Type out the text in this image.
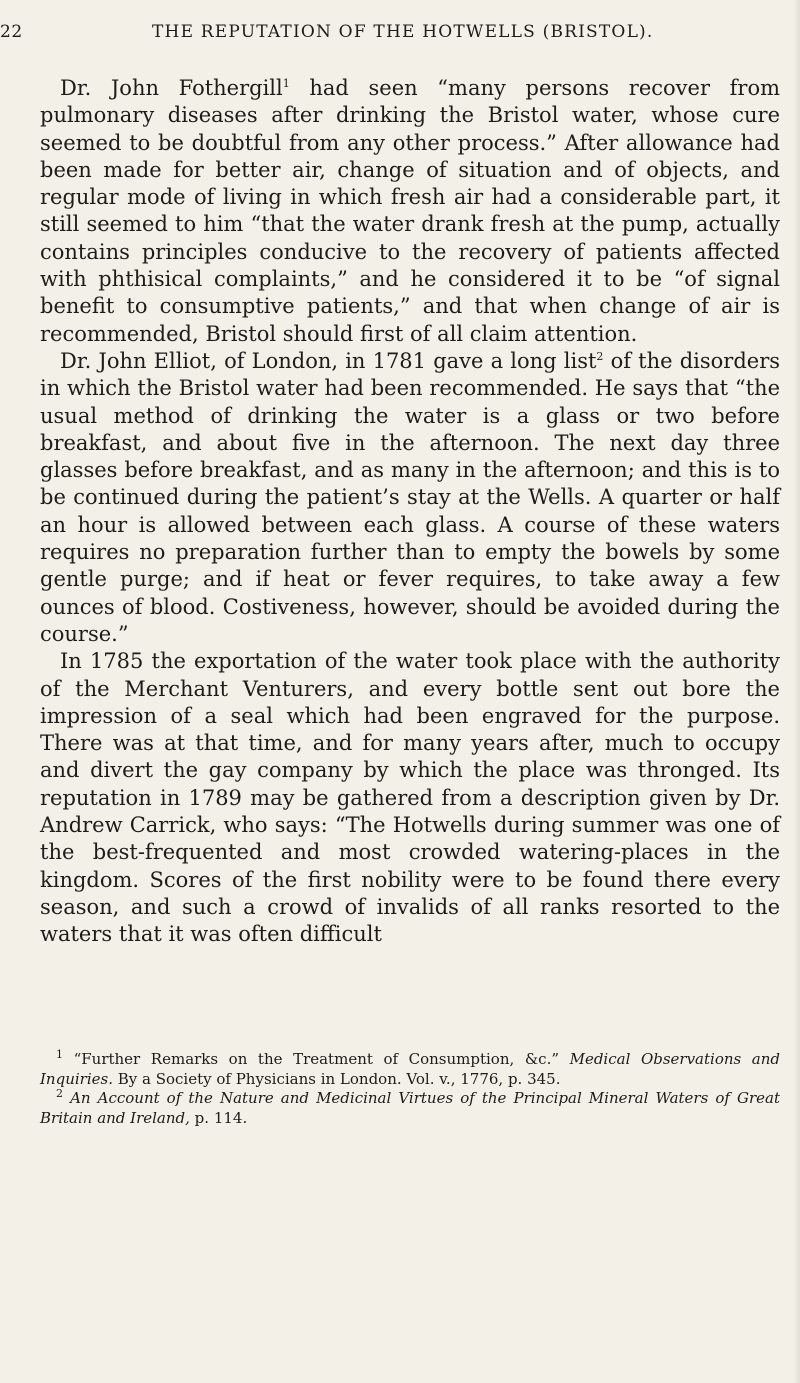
22	THE REPUTATION OF THE HOTWELLS (BRISTOL).

Dr. John Fothergill$^1$ had seen “many persons recover from pulmonary diseases after drinking the Bristol water, whose cure seemed to be doubtful from any other process.” After allowance had been made for better air, change of situation and of objects, and regular mode of living in which fresh air had a considerable part, it still seemed to him “that the water drank fresh at the pump, actually contains principles conducive to the recovery of patients affected with phthisical complaints,” and he considered it to be “of signal benefit to consumptive patients,” and that when change of air is recommended, Bristol should first of all claim attention.

Dr. John Elliot, of London, in 1781 gave a long list$^2$ of the disorders in which the Bristol water had been recommended. He says that “the usual method of drinking the water is a glass or two before breakfast, and about five in the afternoon. The next day three glasses before breakfast, and as many in the afternoon; and this is to be continued during the patient’s stay at the Wells. A quarter or half an hour is allowed between each glass. A course of these waters requires no preparation further than to empty the bowels by some gentle purge; and if heat or fever requires, to take away a few ounces of blood. Costiveness, however, should be avoided during the course.”

In 1785 the exportation of the water took place with the authority of the Merchant Venturers, and every bottle sent out bore the impression of a seal which had been engraved for the purpose. There was at that time, and for many years after, much to occupy and divert the gay company by which the place was thronged. Its reputation in 1789 may be gathered from a description given by Dr. Andrew Carrick, who says: “The Hotwells during summer was one of the best-frequented and most crowded watering-places in the kingdom. Scores of the first nobility were to be found there every season, and such a crowd of invalids of all ranks resorted to the waters that it was often difficult

$^1$ “Further Remarks on the Treatment of Consumption, &c.” Medical Observations and Inquiries. By a Society of Physicians in London. Vol. v., 1776, p. 345.

$^2$ An Account of the Nature and Medicinal Virtues of the Principal Mineral Waters of Great Britain and Ireland, p. 114.
